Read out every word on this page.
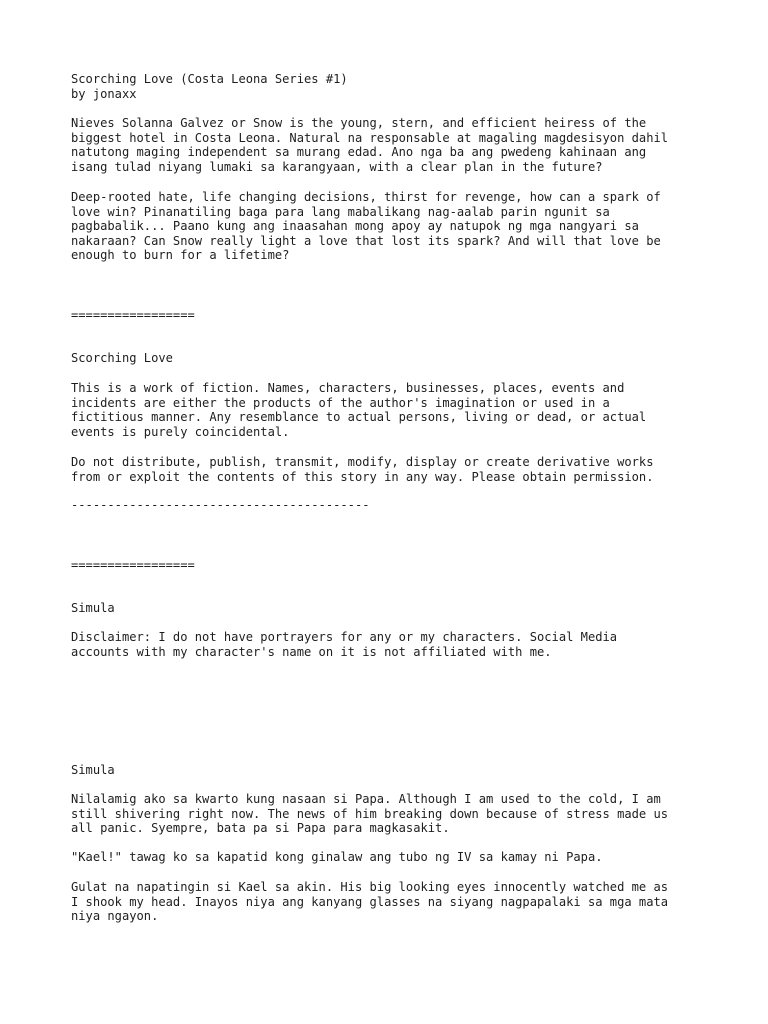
Scorching Love (Costa Leona Series #1)
by jonaxx
Nieves Solanna Galvez or Snow is the young, stern, and efficient heiress of the
biggest hotel in Costa Leona. Natural na responsable at magaling magdesisyon dahil
natutong maging independent sa murang edad. Ano nga ba ang pwedeng kahinaan ang
isang tulad niyang lumaki sa karangyaan, with a clear plan in the future?
Deep-rooted hate, life changing decisions, thirst for revenge, how can a spark of
love win? Pinanatiling baga para lang mabalikang nag-aalab parin ngunit sa
pagbabalik... Paano kung ang inaasahan mong apoy ay natupok ng mga nangyari sa
nakaraan? Can Snow really light a love that lost its spark? And will that love be
enough to burn for a lifetime?
=================
Scorching Love
This is a work of fiction. Names, characters, businesses, places, events and
incidents are either the products of the author's imagination or used in a
fictitious manner. Any resemblance to actual persons, living or dead, or actual
events is purely coincidental.
Do not distribute, publish, transmit, modify, display or create derivative works
from or exploit the contents of this story in any way. Please obtain permission.
-----------------------------------------
=================
Simula
Disclaimer: I do not have portrayers for any or my characters. Social Media
accounts with my character's name on it is not affiliated with me.
Simula
Nilalamig ako sa kwarto kung nasaan si Papa. Although I am used to the cold, I am
still shivering right now. The news of him breaking down because of stress made us
all panic. Syempre, bata pa si Papa para magkasakit.
"Kael!" tawag ko sa kapatid kong ginalaw ang tubo ng IV sa kamay ni Papa.
Gulat na napatingin si Kael sa akin. His big looking eyes innocently watched me as
I shook my head. Inayos niya ang kanyang glasses na siyang nagpapalaki sa mga mata
niya ngayon.
